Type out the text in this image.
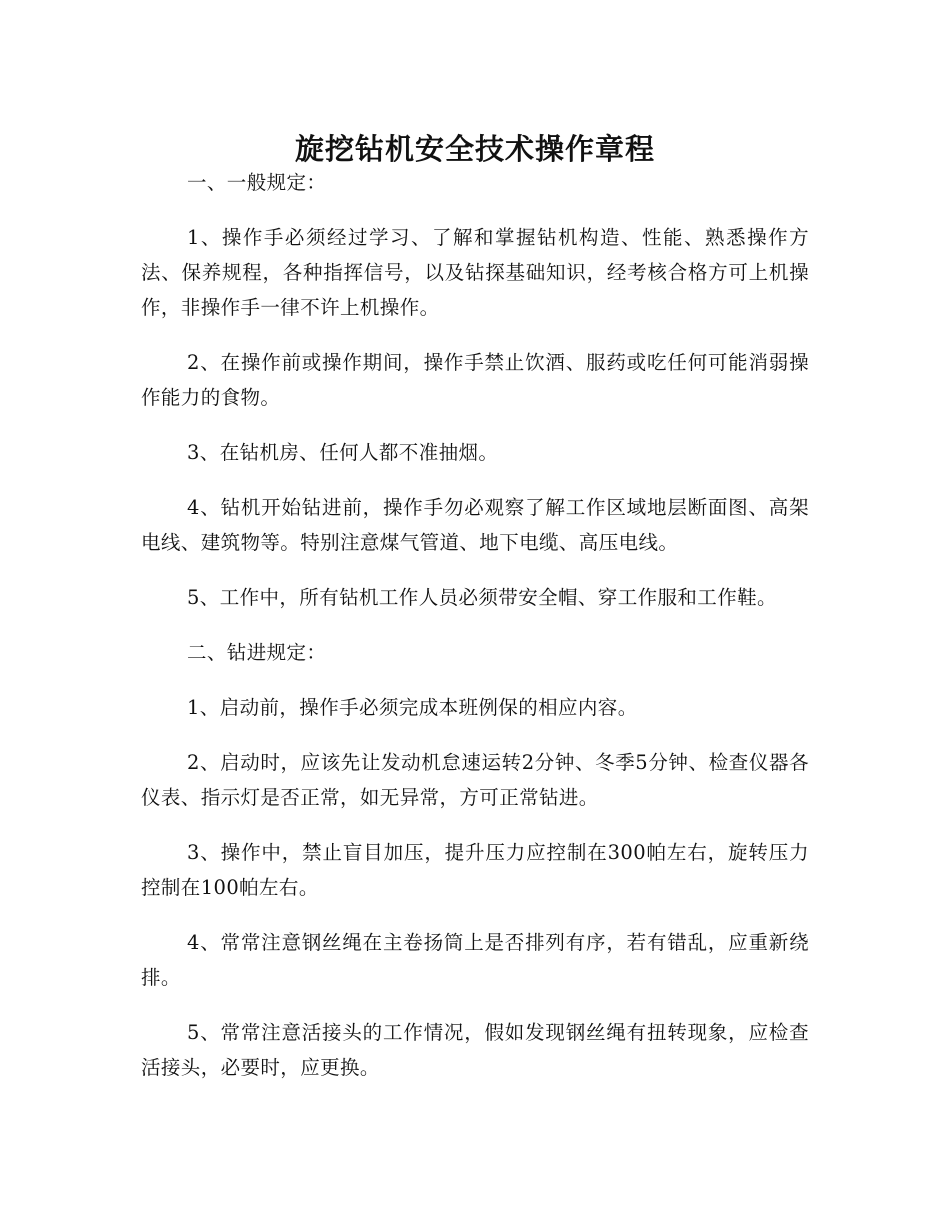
旋挖钻机安全技术操作章程

一、一般规定：

1、操作手必须经过学习、了解和掌握钻机构造、性能、熟悉操作方法、保养规程，各种指挥信号，以及钻探基础知识，经考核合格方可上机操作，非操作手一律不许上机操作。

2、在操作前或操作期间，操作手禁止饮酒、服药或吃任何可能消弱操作能力的食物。

3、在钻机房、任何人都不准抽烟。

4、钻机开始钻进前，操作手勿必观察了解工作区域地层断面图、高架电线、建筑物等。特别注意煤气管道、地下电缆、高压电线。

5、工作中，所有钻机工作人员必须带安全帽、穿工作服和工作鞋。

二、钻进规定：

1、启动前，操作手必须完成本班例保的相应内容。

2、启动时，应该先让发动机怠速运转2分钟、冬季5分钟、检查仪器各仪表、指示灯是否正常，如无异常，方可正常钻进。

3、操作中，禁止盲目加压，提升压力应控制在300帕左右，旋转压力控制在100帕左右。

4、常常注意钢丝绳在主卷扬筒上是否排列有序，若有错乱，应重新绕排。

5、常常注意活接头的工作情况，假如发现钢丝绳有扭转现象，应检查活接头，必要时，应更换。
